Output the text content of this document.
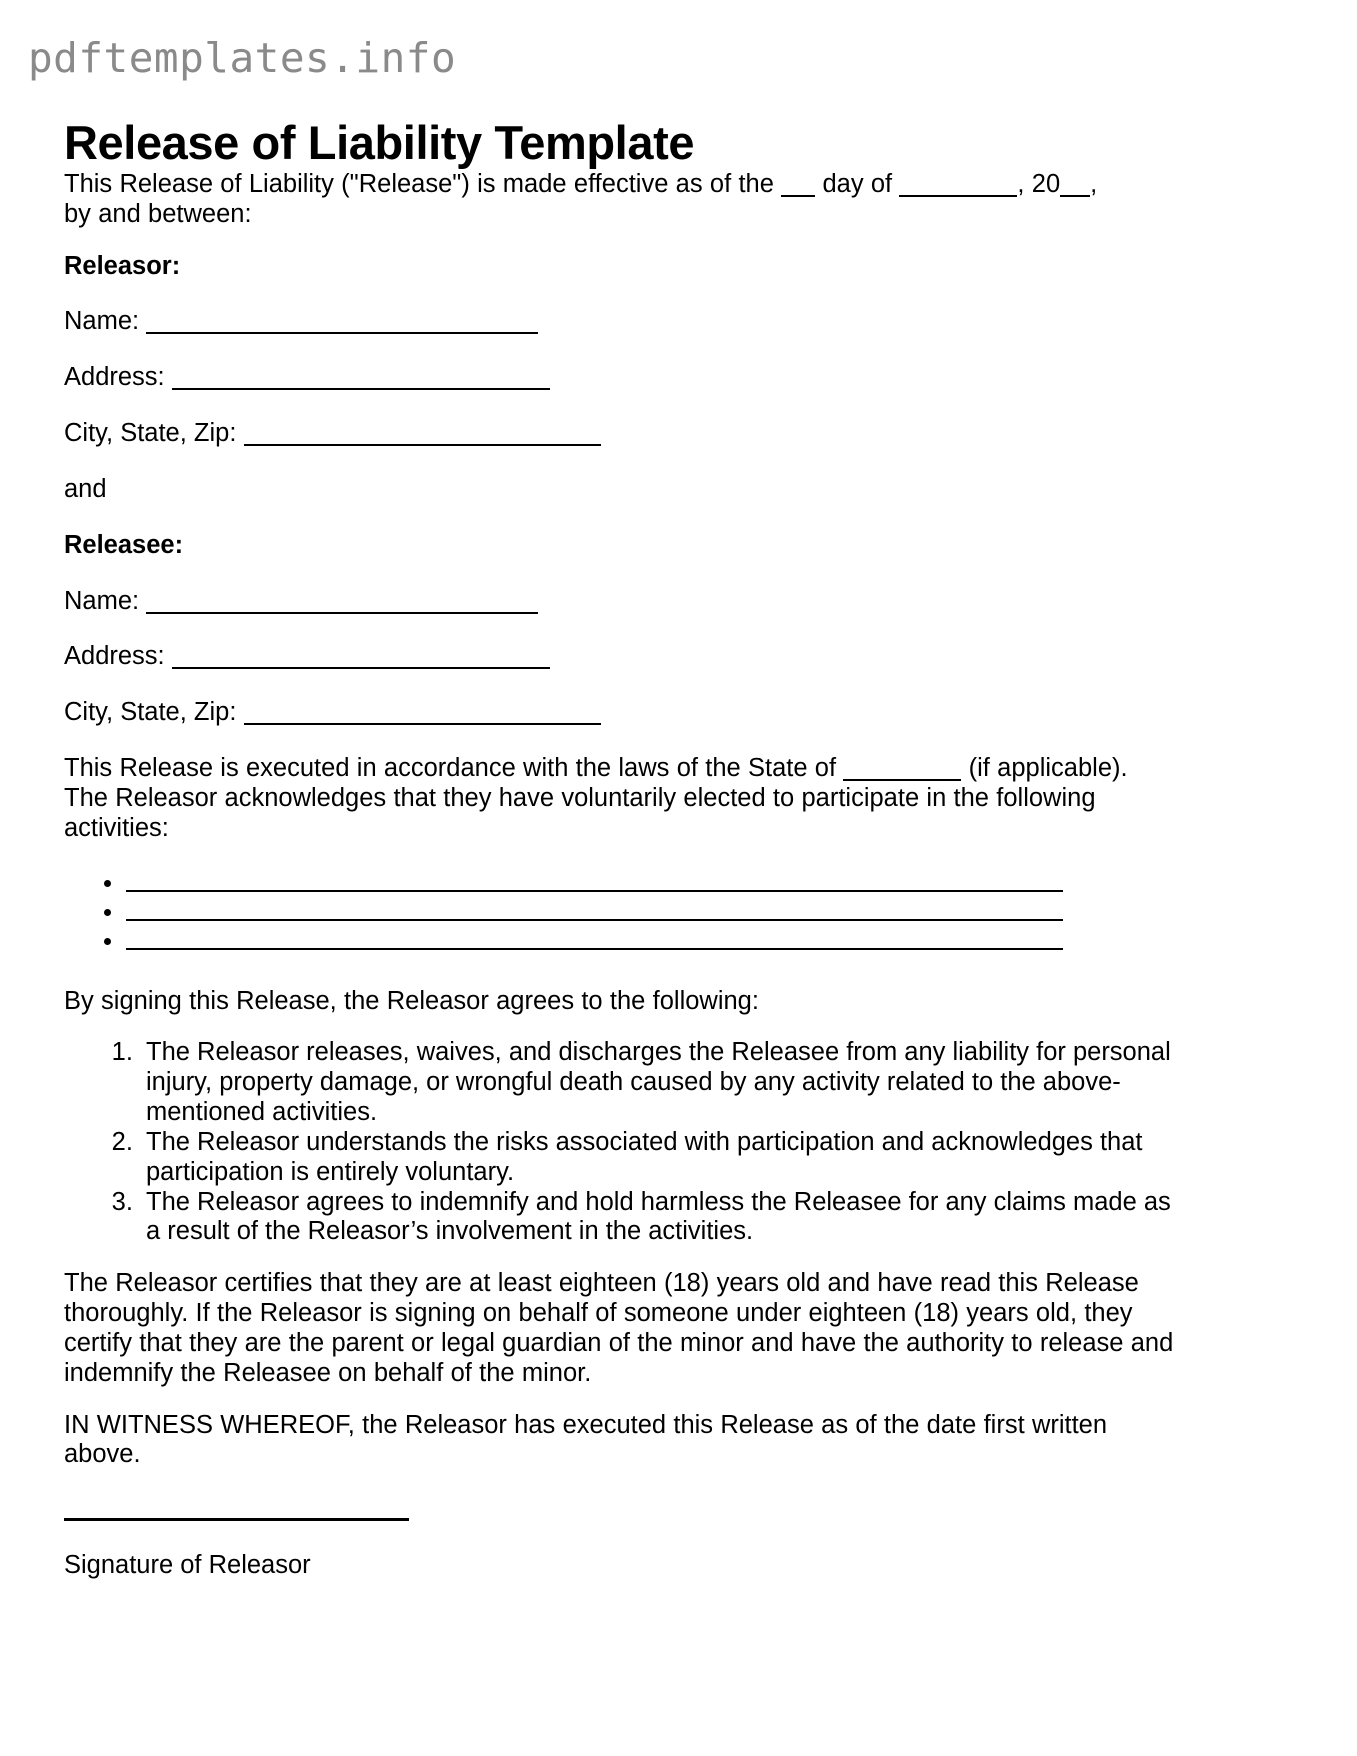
pdftemplates.info
Release of Liability Template

This Release of Liability ("Release") is made effective as of the  day of	, 20 ,
by and between:

Releasor:
Name:
Address:
City, State, Zip:
and
Releasee:
Name:
Address:
City, State, Zip:

This Release is executed in accordance with the laws of the State of	(if applicable). The Releasor acknowledges that they have voluntarily elected to participate in the following activities:

By signing this Release, the Releasor agrees to the following:

1. The Releasor releases, waives, and discharges the Releasee from any liability for personal injury, property damage, or wrongful death caused by any activity related to the above-mentioned activities.
2. The Releasor understands the risks associated with participation and acknowledges that participation is entirely voluntary.
3. The Releasor agrees to indemnify and hold harmless the Releasee for any claims made as a result of the Releasor’s involvement in the activities.

The Releasor certifies that they are at least eighteen (18) years old and have read this Release thoroughly. If the Releasor is signing on behalf of someone under eighteen (18) years old, they certify that they are the parent or legal guardian of the minor and have the authority to release and indemnify the Releasee on behalf of the minor.

IN WITNESS WHEREOF, the Releasor has executed this Release as of the date first written above.

Signature of Releasor
